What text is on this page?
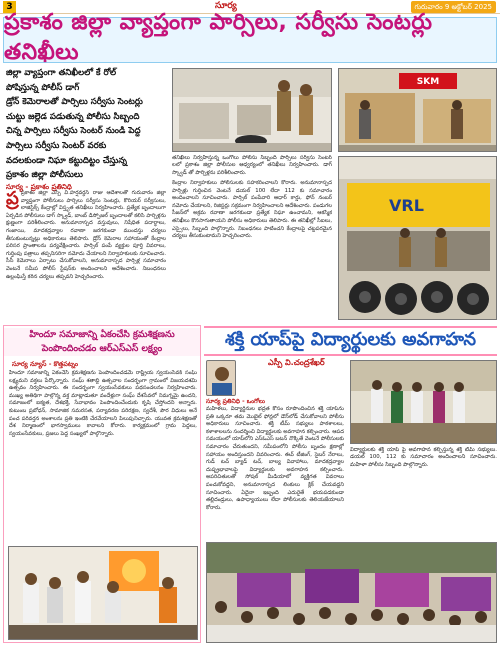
3	సూర్య	గురువారం 9 అక్టోబర్ 2025
ప్రకాశం జిల్లా వ్యాప్తంగా పార్సిలు, సర్వీసు సెంటర్లు తనిఖీలు

జిల్లా వ్యాప్తంగా తనిఖీలలో కే రోల్

పోషిస్తున్న పోలీస్ డాగ్

డ్రోన్ కెమెరాలతో పార్సిలు సర్వీసు సెంటర్లు

చుట్టు జల్లెడ పడుతున్న పోలీసు సిబ్బంది

చిన్న పార్సిలు సర్వీసు సెంటర్ నుండి పెద్ద

పార్సిలు సర్వీసు సెంటర్ వరకు

వదలకుండా నిఘా కట్టుదిట్టం చేస్తున్న

ప్రకాశం జిల్లా పోలీసులు

సూర్య - ప్రకాశం ప్రతినిధి
ప్ర ప్రకాశం జిల్లా ఎస్పీ వి.హర్షవర్ధన్ రాజు ఆదేశాలతో గురువారం జిల్లా వ్యాప్తంగా పోలీసులు పార్సిలు సర్వీసు సెంటర్లు, కొరియర్ సర్వీసులు, లాజిస్టిక్స్ కేంద్రాల్లో విస్తృత తనిఖీలు నిర్వహించారు. ప్రత్యేక బృందాలుగా ఏర్పడిన పోలీసులు డాగ్ స్క్వాడ్, బాంబ్ డిస్పోజల్ బృందాలతో కలిసి పార్సిళ్లను క్షుణ్ణంగా పరిశీలించారు. అనుమానాస్పద వస్తువులు, నిషేధిత పదార్థాలు, గంజాయి, మాదకద్రవ్యాల రవాణా జరగకుండా ముందస్తు చర్యలు తీసుకుంటున్నట్లు అధికారులు తెలిపారు. డ్రోన్ కెమెరాల సహాయంతో కేంద్రాల పరిసర ప్రాంతాలను పర్యవేక్షించారు. పార్సిల్ పంపే వ్యక్తుల పూర్తి వివరాలు, గుర్తింపు పత్రాలు తప్పనిసరిగా నమోదు చేయాలని నిర్వాహకులకు సూచించారు. సీసీ కెమెరాలు ఏర్పాటు చేసుకోవాలని, అనుమానాస్పద పార్సిళ్ల సమాచారం వెంటనే సమీప పోలీస్ స్టేషన్‌కు అందించాలని ఆదేశించారు. నిబంధనలు ఉల్లంఘిస్తే కఠిన చర్యలు తప్పవని హెచ్చరించారు.
SKM
తనిఖీలు నిర్వహిస్తున్న ఒంగోలు పోలీసు సిబ్బంది పార్సిలు సర్వీసు సెంటర్ లలో ప్రకాశం జిల్లా పోలీసుల ఆధ్వర్యంలో తనిఖీలు నిర్వహించారు. డాగ్ స్క్వాడ్ తో పార్సిళ్లను పరిశీలించారు.
కేంద్రాల నిర్వాహకులు పోలీసులకు సహకరించాలని కోరారు. అనుమానాస్పద పార్సిళ్లు గుర్తించిన వెంటనే డయల్ 100 లేదా 112 కు సమాచారం అందించాలని సూచించారు. పార్సిల్ పంపేవారి ఆధార్ కార్డు, ఫోన్ నంబర్ నమోదు చేయాలని, రిజిస్టర్లు సక్రమంగా నిర్వహించాలని ఆదేశించారు. పండుగల సీజన్‌లో అక్రమ రవాణా జరగకుండా ప్రత్యేక నిఘా ఉంచామని, ఆకస్మిక తనిఖీలు కొనసాగుతాయని పోలీసు అధికారులు తెలిపారు. ఈ తనిఖీల్లో సీఐలు, ఎస్సైలు, సిబ్బంది పాల్గొన్నారు. నిబంధనలు పాటించని కేంద్రాలపై చట్టపరమైన చర్యలు తీసుకుంటామని హెచ్చరించారు.
VRL
హిందూ సమాజాన్ని ఏకంచేసి క్రమశిక్షణను పెంపొందించడం ఆర్ఎస్ఎస్ లక్ష్యం
సూర్య న్యూస్ - కొత్తపట్నం
హిందూ సమాజాన్ని ఏకంచేసి క్రమశిక్షణను పెంపొందించడమే రాష్ట్రీయ స్వయంసేవక్ సంఘ్ లక్ష్యమని వక్తలు పేర్కొన్నారు. సంఘ్ శతాబ్ది ఉత్సవాల సందర్భంగా గ్రామంలో విజయదశమి ఉత్సవం నిర్వహించారు. ఈ సందర్భంగా స్వయంసేవకులు పథసంచలనం నిర్వహించారు. ముఖ్య అతిథిగా పాల్గొన్న వక్త మాట్లాడుతూ వందేళ్లుగా సంఘ్ దేశసేవలో నిమగ్నమై ఉందని, సమాజంలో ఐక్యత, దేశభక్తి, సేవాభావం పెంపొందించేందుకు కృషి చేస్తోందని అన్నారు. కుటుంబ ప్రబోధన్, సామాజిక సమరసత, పర్యావరణ పరిరక్షణ, స్వదేశీ, పౌర విధులు అనే పంచ పరివర్తన అంశాలను ప్రతి ఇంటికి చేరవేయాలని పిలుపునిచ్చారు. యువత క్రమశిక్షణతో దేశ నిర్మాణంలో భాగస్వాములు కావాలని కోరారు. కార్యక్రమంలో గ్రామ పెద్దలు, స్వయంసేవకులు, ప్రజలు పెద్ద సంఖ్యలో పాల్గొన్నారు.
శక్తి యాప్‌పై విద్యార్థులకు అవగాహన
ఎస్పీ వి.చంద్రశేఖర్
సూర్య ప్రతినిధి - ఒంగోలు
మహిళలు, విద్యార్థినుల భద్రత కోసం రూపొందించిన శక్తి యాప్‌ను ప్రతి ఒక్కరూ తమ మొబైల్ ఫోన్లలో డౌన్‌లోడ్ చేసుకోవాలని పోలీసు అధికారులు సూచించారు. శక్తి టీమ్ సభ్యులు పాఠశాలలు, కళాశాలలను సందర్శించి విద్యార్థులకు అవగాహన కల్పించారు. ఆపద సమయంలో యాప్‌లోని ఎస్ఓఎస్ బటన్ నొక్కితే వెంటనే పోలీసులకు సమాచారం చేరుతుందని, సమీపంలోని పోలీసు బృందం క్షణాల్లో సహాయం అందిస్తుందని వివరించారు. ఈవ్ టీజింగ్, సైబర్ నేరాలు, గుడ్ టచ్ బ్యాడ్ టచ్, బాల్య వివాహాలు, మాదకద్రవ్యాల దుష్ప్రభావాలపై విద్యార్థులకు అవగాహన కల్పించారు. అపరిచితులతో సోషల్ మీడియాలో వ్యక్తిగత వివరాలు పంచుకోవద్దని, అనుమానాస్పద లింకులు క్లిక్ చేయవద్దని సూచించారు. ఏదైనా ఇబ్బంది ఎదురైతే భయపడకుండా తల్లిదండ్రులు, ఉపాధ్యాయులు లేదా పోలీసులకు తెలియజేయాలని కోరారు.
విద్యార్థులకు శక్తి యాప్ పై అవగాహన కల్పిస్తున్న శక్తి టీమ్ సభ్యులు. డయల్ 100, 112 కు సమాచారం అందించాలని సూచించారు. మహిళా పోలీసు సిబ్బంది పాల్గొన్నారు.
